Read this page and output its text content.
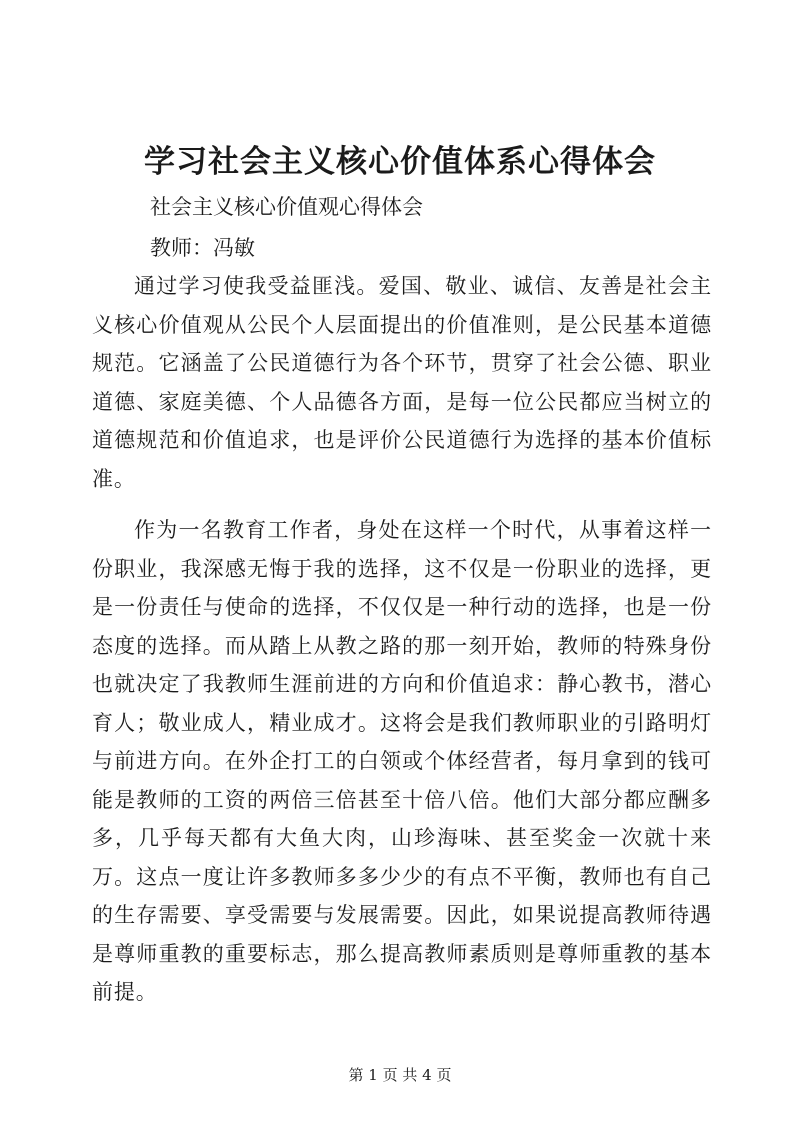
学习社会主义核心价值体系心得体会

社会主义核心价值观心得体会

教师：冯敏

通过学习使我受益匪浅。爱国、敬业、诚信、友善是社会主义核心价值观从公民个人层面提出的价值准则，是公民基本道德规范。它涵盖了公民道德行为各个环节，贯穿了社会公德、职业道德、家庭美德、个人品德各方面，是每一位公民都应当树立的道德规范和价值追求，也是评价公民道德行为选择的基本价值标准。

作为一名教育工作者，身处在这样一个时代，从事着这样一份职业，我深感无悔于我的选择，这不仅是一份职业的选择，更是一份责任与使命的选择，不仅仅是一种行动的选择，也是一份态度的选择。而从踏上从教之路的那一刻开始，教师的特殊身份也就决定了我教师生涯前进的方向和价值追求：静心教书，潜心育人；敬业成人，精业成才。这将会是我们教师职业的引路明灯与前进方向。在外企打工的白领或个体经营者，每月拿到的钱可能是教师的工资的两倍三倍甚至十倍八倍。他们大部分都应酬多多，几乎每天都有大鱼大肉，山珍海味、甚至奖金一次就十来万。这点一度让许多教师多多少少的有点不平衡，教师也有自己的生存需要、享受需要与发展需要。因此，如果说提高教师待遇是尊师重教的重要标志，那么提高教师素质则是尊师重教的基本前提。

第 1 页 共 4 页
